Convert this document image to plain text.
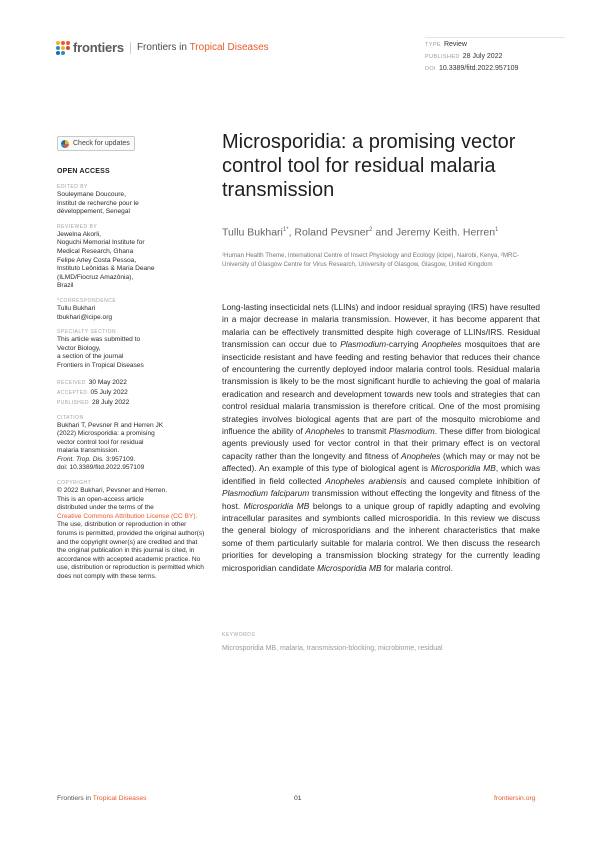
frontiers	Frontiers in Tropical Diseases	TYPE Review
PUBLISHED 28 July 2022
DOI 10.3389/fitd.2022.957109
Check for updates
OPEN ACCESS
EDITED BY
Souleymane Doucoure,
Institut de recherche pour le
développement, Senegal
REVIEWED BY
Jewelna Akorli,
Noguchi Memorial Institute for
Medical Research, Ghana
Felipe Arley Costa Pessoa,
Instituto Leônidas & Maria Deane
(ILMD/Fiocruz Amazônia),
Brazil
*CORRESPONDENCE
Tullu Bukhari
tbukhari@icipe.org
SPECIALTY SECTION
This article was submitted to
Vector Biology,
a section of the journal
Frontiers in Tropical Diseases
RECEIVED 30 May 2022
ACCEPTED 05 July 2022
PUBLISHED 28 July 2022
CITATION
Bukhari T, Pevsner R and Herren JK
(2022) Microsporidia: a promising
vector control tool for residual
malaria transmission.
Front. Trop. Dis. 3:957109.
doi: 10.3389/fitd.2022.957109
COPYRIGHT
© 2022 Bukhari, Pevsner and Herren.
This is an open-access article
distributed under the terms of the
Creative Commons Attribution License (CC BY). The use, distribution or reproduction in other forums is permitted, provided the original author(s) and the copyright owner(s) are credited and that the original publication in this journal is cited, in accordance with accepted academic practice. No use, distribution or reproduction is permitted which does not comply with these terms.
Microsporidia: a promising vector control tool for residual malaria transmission
Tullu Bukhari$^{1*}$, Roland Pevsner$^2$ and Jeremy Keith. Herren$^1$
¹Human Health Theme, International Centre of Insect Physiology and Ecology (icipe), Nairobi, Kenya, ²MRC-University of Glasgow Centre for Virus Research, University of Glasgow, Glasgow, United Kingdom
Long-lasting insecticidal nets (LLINs) and indoor residual spraying (IRS) have resulted in a major decrease in malaria transmission. However, it has become apparent that malaria can be effectively transmitted despite high coverage of LLINs/IRS. Residual transmission can occur due to Plasmodium-carrying Anopheles mosquitoes that are insecticide resistant and have feeding and resting behavior that reduces their chance of encountering the currently deployed indoor malaria control tools. Residual malaria transmission is likely to be the most significant hurdle to achieving the goal of malaria eradication and research and development towards new tools and strategies that can control residual malaria transmission is therefore critical. One of the most promising strategies involves biological agents that are part of the mosquito microbiome and influence the ability of Anopheles to transmit Plasmodium. These differ from biological agents previously used for vector control in that their primary effect is on vectoral capacity rather than the longevity and fitness of Anopheles (which may or may not be affected). An example of this type of biological agent is Microsporidia MB, which was identified in field collected Anopheles arabiensis and caused complete inhibition of Plasmodium falciparum transmission without effecting the longevity and fitness of the host. Microsporidia MB belongs to a unique group of rapidly adapting and evolving intracellular parasites and symbionts called microsporidia. In this review we discuss the general biology of microsporidians and the inherent characteristics that make some of them particularly suitable for malaria control. We then discuss the research priorities for developing a transmission blocking strategy for the currently leading microsporidian candidate Microsporidia MB for malaria control.
KEYWORDS
Microsporidia MB, malaria, transmission-blocking, microbiome, residual
Frontiers in Tropical Diseases	01	frontiersin.org
